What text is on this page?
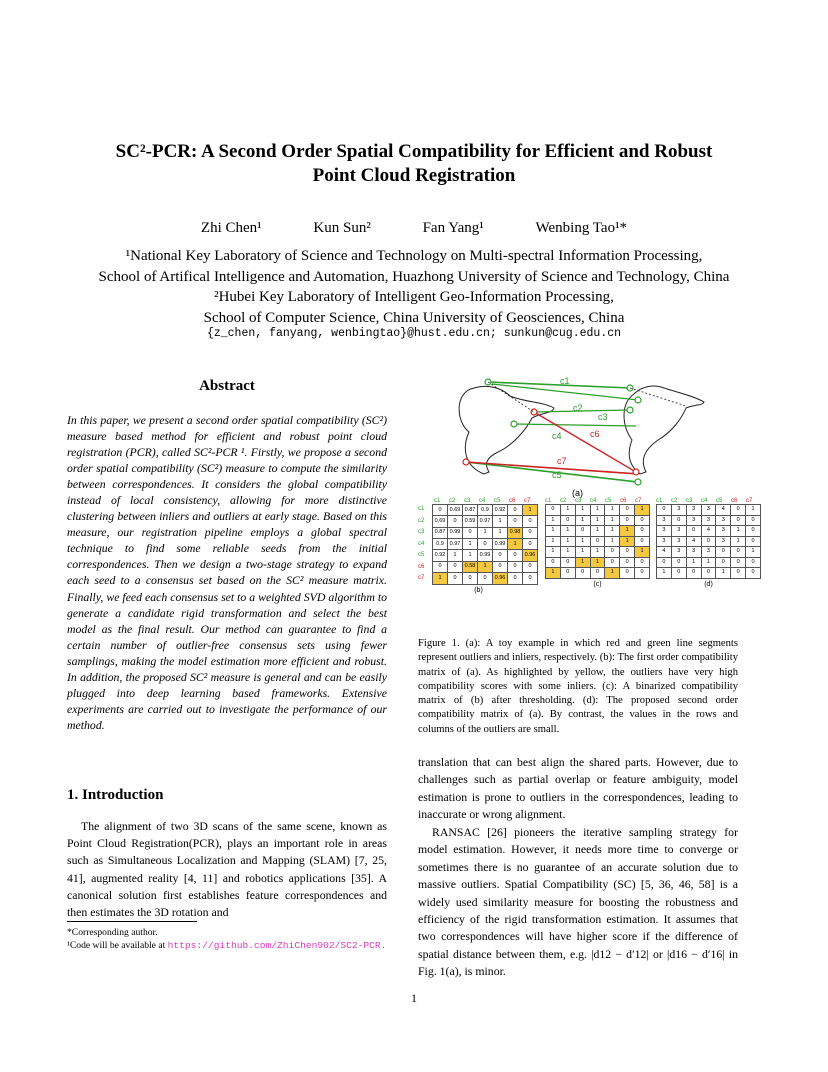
SC²-PCR: A Second Order Spatial Compatibility for Efficient and Robust
Point Cloud Registration
Zhi Chen¹	Kun Sun²	Fan Yang¹	Wenbing Tao¹*
¹National Key Laboratory of Science and Technology on Multi-spectral Information Processing,
School of Artifical Intelligence and Automation, Huazhong University of Science and Technology, China
²Hubei Key Laboratory of Intelligent Geo-Information Processing,
School of Computer Science, China University of Geosciences, China
{z_chen, fanyang, wenbingtao}@hust.edu.cn; sunkun@cug.edu.cn
Abstract
In this paper, we present a second order spatial compatibility (SC²) measure based method for efficient and robust point cloud registration (PCR), called SC²-PCR ¹. Firstly, we propose a second order spatial compatibility (SC²) measure to compute the similarity between correspondences. It considers the global compatibility instead of local consistency, allowing for more distinctive clustering between inliers and outliers at early stage. Based on this measure, our registration pipeline employs a global spectral technique to find some reliable seeds from the initial correspondences. Then we design a two-stage strategy to expand each seed to a consensus set based on the SC² measure matrix. Finally, we feed each consensus set to a weighted SVD algorithm to generate a candidate rigid transformation and select the best model as the final result. Our method can guarantee to find a certain number of outlier-free consensus sets using fewer samplings, making the model estimation more efficient and robust. In addition, the proposed SC² measure is general and can be easily plugged into deep learning based frameworks. Extensive experiments are carried out to investigate the performance of our method.
1. Introduction
The alignment of two 3D scans of the same scene, known as Point Cloud Registration(PCR), plays an important role in areas such as Simultaneous Localization and Mapping (SLAM) [7, 25, 41], augmented reality [4, 11] and robotics applications [35]. A canonical solution first establishes feature correspondences and then estimates the 3D rotation and
*Corresponding author.
¹Code will be available at https://github.com/ZhiChen902/SC2-PCR.
c1
c2
c3
c4	c6
c7
c5
(a)
c1	c2	c3	c4	c5	c6	c7
c1
c2
c3
c4
c5
c6
c7
0	0.69	0.87	0.9	0.92	0	1
0.69	0	0.59	0.97	1	0	0
0.87	0.99	0	1	1	0.98	0
0.9	0.97	1	0	0.99	1	0
0.92	1	1	0.99	0	0	0.96
0	0	0.58	1	0	0	0
1	0	0	0	0.96	0	0
(b)
c1	c2	c3	c4	c5	c6	c7
0	1	1	1	1	0	1
1	0	1	1	1	0	0
1	1	0	1	1	1	0
1	1	1	0	1	1	0
1	1	1	1	0	0	1
0	0	1	1	0	0	0
1	0	0	0	1	0	0
(c)
c1	c2	c3	c4	c5	c6	c7
0	3	3	3	4	0	1
3	0	3	3	3	0	0
3	3	0	4	3	1	0
3	3	4	0	3	1	0
4	3	3	3	0	0	1
0	0	1	1	0	0	0
1	0	0	0	1	0	0
(d)
Figure 1. (a): A toy example in which red and green line segments represent outliers and inliers, respectively. (b): The first order compatibility matrix of (a). As highlighted by yellow, the outliers have very high compatibility scores with some inliers. (c): A binarized compatibility matrix of (b) after thresholding. (d): The proposed second order compatibility matrix of (a). By contrast, the values in the rows and columns of the outliers are small.
translation that can best align the shared parts. However, due to challenges such as partial overlap or feature ambiguity, model estimation is prone to outliers in the correspondences, leading to inaccurate or wrong alignment.
RANSAC [26] pioneers the iterative sampling strategy for model estimation. However, it needs more time to converge or sometimes there is no guarantee of an accurate solution due to massive outliers. Spatial Compatibility (SC) [5, 36, 46, 58] is a widely used similarity measure for boosting the robustness and efficiency of the rigid transformation estimation. It assumes that two correspondences will have higher score if the difference of spatial distance between them, e.g. |d12 − d′12| or |d16 − d′16| in Fig. 1(a), is minor.
1
